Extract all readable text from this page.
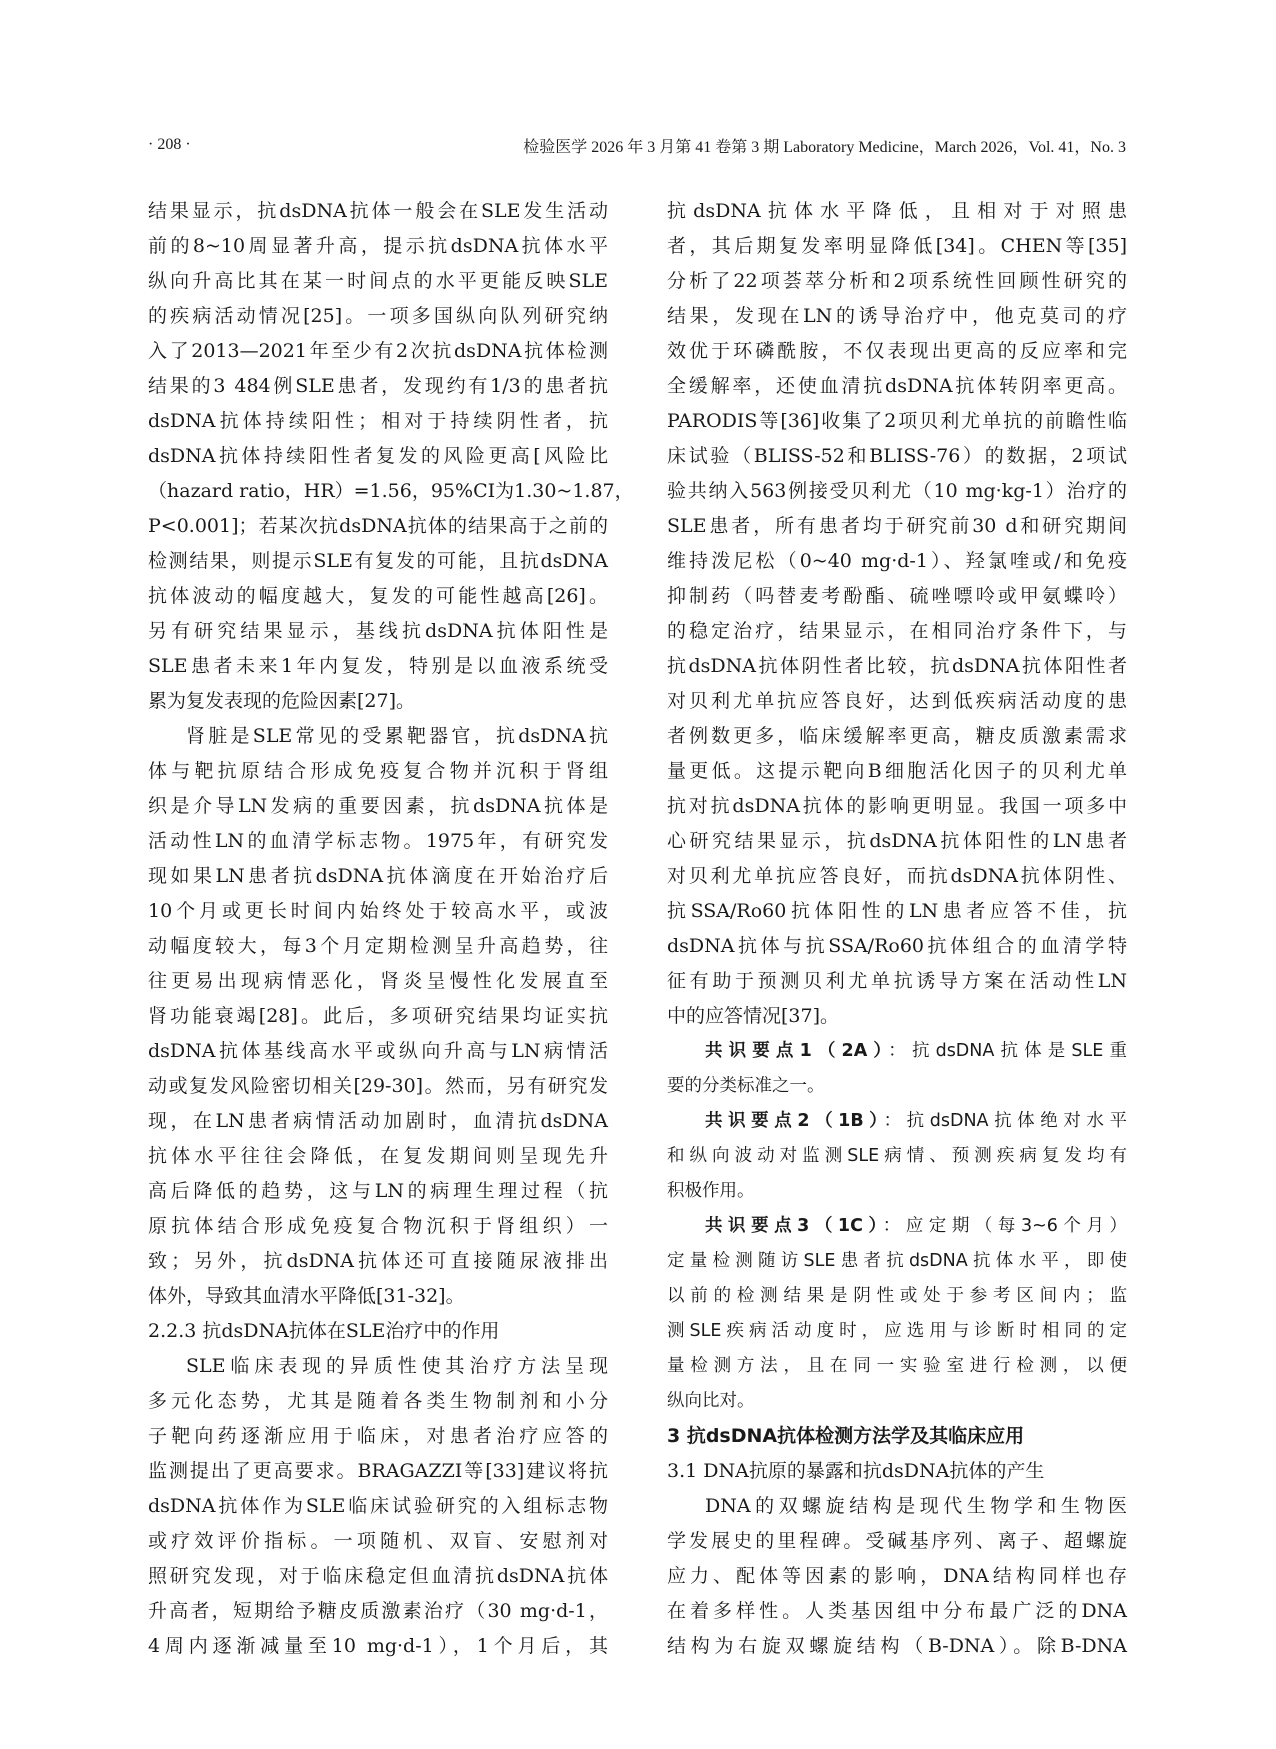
· 208 ·	检验医学 2026 年 3 月第 41 卷第 3 期 Laboratory Medicine，March 2026，Vol. 41，No. 3
结果显示，抗dsDNA抗体一般会在SLE发生活动
前的8~10周显著升高，提示抗dsDNA抗体水平
纵向升高比其在某一时间点的水平更能反映SLE
的疾病活动情况[25]。一项多国纵向队列研究纳
入了2013—2021年至少有2次抗dsDNA抗体检测
结果的3 484例SLE患者，发现约有1/3的患者抗
dsDNA抗体持续阳性；相对于持续阴性者，抗
dsDNA抗体持续阳性者复发的风险更高[风险比
（hazard ratio，HR）=1.56，95%CI为1.30~1.87，
P<0.001]；若某次抗dsDNA抗体的结果高于之前的
检测结果，则提示SLE有复发的可能，且抗dsDNA
抗体波动的幅度越大，复发的可能性越高[26]。
另有研究结果显示，基线抗dsDNA抗体阳性是
SLE患者未来1年内复发，特别是以血液系统受
累为复发表现的危险因素[27]。
肾脏是SLE常见的受累靶器官，抗dsDNA抗
体与靶抗原结合形成免疫复合物并沉积于肾组
织是介导LN发病的重要因素，抗dsDNA抗体是
活动性LN的血清学标志物。1975年，有研究发
现如果LN患者抗dsDNA抗体滴度在开始治疗后
10个月或更长时间内始终处于较高水平，或波
动幅度较大，每3个月定期检测呈升高趋势，往
往更易出现病情恶化，肾炎呈慢性化发展直至
肾功能衰竭[28]。此后，多项研究结果均证实抗
dsDNA抗体基线高水平或纵向升高与LN病情活
动或复发风险密切相关[29-30]。然而，另有研究发
现，在LN患者病情活动加剧时，血清抗dsDNA
抗体水平往往会降低，在复发期间则呈现先升
高后降低的趋势，这与LN的病理生理过程（抗
原抗体结合形成免疫复合物沉积于肾组织）一
致；另外，抗dsDNA抗体还可直接随尿液排出
体外，导致其血清水平降低[31-32]。
2.2.3 抗dsDNA抗体在SLE治疗中的作用
SLE临床表现的异质性使其治疗方法呈现
多元化态势，尤其是随着各类生物制剂和小分
子靶向药逐渐应用于临床，对患者治疗应答的
监测提出了更高要求。BRAGAZZI等[33]建议将抗
dsDNA抗体作为SLE临床试验研究的入组标志物
或疗效评价指标。一项随机、双盲、安慰剂对
照研究发现，对于临床稳定但血清抗dsDNA抗体
升高者，短期给予糖皮质激素治疗（30 mg·d-1，
4周内逐渐减量至10 mg·d-1），1个月后，其
抗dsDNA抗体水平降低，且相对于对照患
者，其后期复发率明显降低[34]。CHEN等[35]
分析了22项荟萃分析和2项系统性回顾性研究的
结果，发现在LN的诱导治疗中，他克莫司的疗
效优于环磷酰胺，不仅表现出更高的反应率和完
全缓解率，还使血清抗dsDNA抗体转阴率更高。
PARODIS等[36]收集了2项贝利尤单抗的前瞻性临
床试验（BLISS-52和BLISS-76）的数据，2项试
验共纳入563例接受贝利尤（10 mg·kg-1）治疗的
SLE患者，所有患者均于研究前30 d和研究期间
维持泼尼松（0~40 mg·d-1）、羟氯喹或/和免疫
抑制药（吗替麦考酚酯、硫唑嘌呤或甲氨蝶呤）
的稳定治疗，结果显示，在相同治疗条件下，与
抗dsDNA抗体阴性者比较，抗dsDNA抗体阳性者
对贝利尤单抗应答良好，达到低疾病活动度的患
者例数更多，临床缓解率更高，糖皮质激素需求
量更低。这提示靶向B细胞活化因子的贝利尤单
抗对抗dsDNA抗体的影响更明显。我国一项多中
心研究结果显示，抗dsDNA抗体阳性的LN患者
对贝利尤单抗应答良好，而抗dsDNA抗体阴性、
抗SSA/Ro60抗体阳性的LN患者应答不佳，抗
dsDNA抗体与抗SSA/Ro60抗体组合的血清学特
征有助于预测贝利尤单抗诱导方案在活动性LN
中的应答情况[37]。
共识要点1（2A）：抗dsDNA抗体是SLE重
要的分类标准之一。
共识要点2（1B）：抗dsDNA抗体绝对水平
和纵向波动对监测SLE病情、预测疾病复发均有
积极作用。
共识要点3（1C）：应定期（每3~6个月）
定量检测随访SLE患者抗dsDNA抗体水平，即使
以前的检测结果是阴性或处于参考区间内；监
测SLE疾病活动度时，应选用与诊断时相同的定
量检测方法，且在同一实验室进行检测，以便
纵向比对。
3 抗dsDNA抗体检测方法学及其临床应用
3.1 DNA抗原的暴露和抗dsDNA抗体的产生
DNA的双螺旋结构是现代生物学和生物医
学发展史的里程碑。受碱基序列、离子、超螺旋
应力、配体等因素的影响，DNA结构同样也存
在着多样性。人类基因组中分布最广泛的DNA
结构为右旋双螺旋结构（B-DNA）。除B-DNA
